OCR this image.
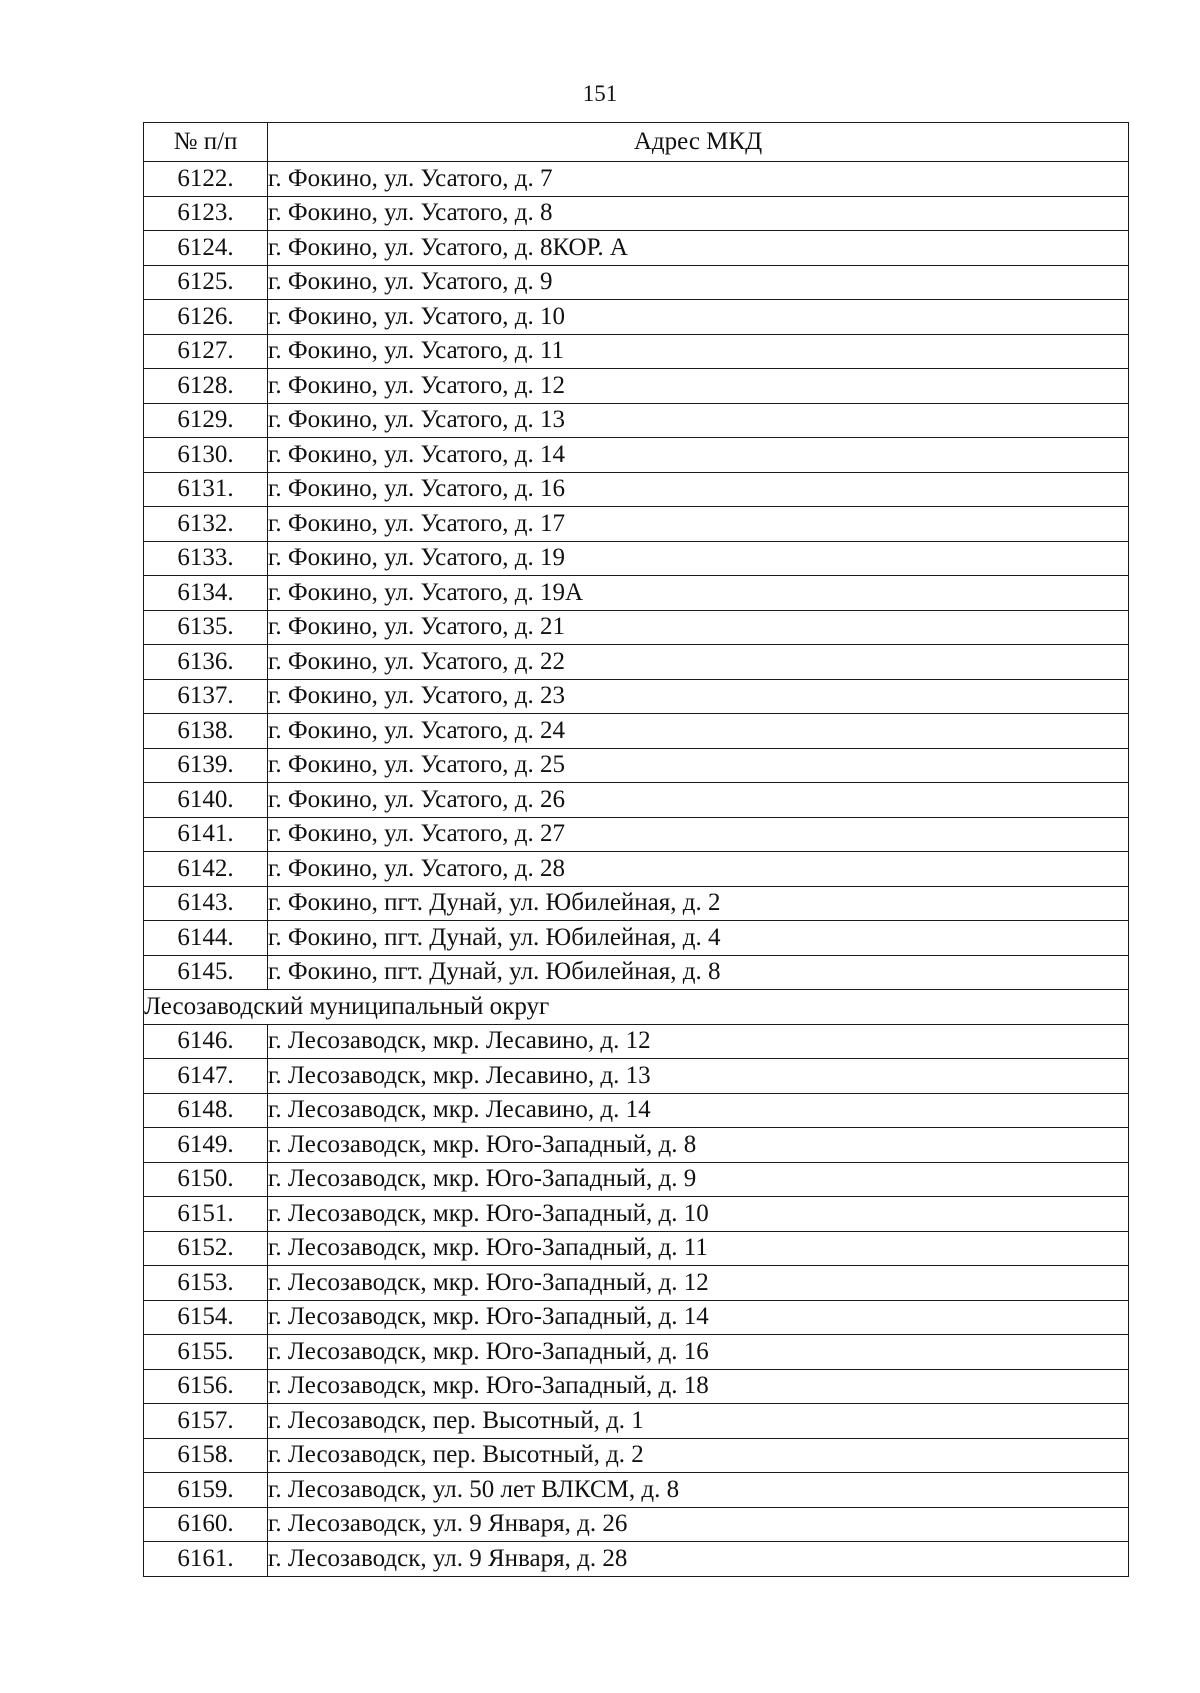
151
№ п/п	Адрес МКД
6122.	г. Фокино, ул. Усатого, д. 7
6123.	г. Фокино, ул. Усатого, д. 8
6124.	г. Фокино, ул. Усатого, д. 8КОР. А
6125.	г. Фокино, ул. Усатого, д. 9
6126.	г. Фокино, ул. Усатого, д. 10
6127.	г. Фокино, ул. Усатого, д. 11
6128.	г. Фокино, ул. Усатого, д. 12
6129.	г. Фокино, ул. Усатого, д. 13
6130.	г. Фокино, ул. Усатого, д. 14
6131.	г. Фокино, ул. Усатого, д. 16
6132.	г. Фокино, ул. Усатого, д. 17
6133.	г. Фокино, ул. Усатого, д. 19
6134.	г. Фокино, ул. Усатого, д. 19А
6135.	г. Фокино, ул. Усатого, д. 21
6136.	г. Фокино, ул. Усатого, д. 22
6137.	г. Фокино, ул. Усатого, д. 23
6138.	г. Фокино, ул. Усатого, д. 24
6139.	г. Фокино, ул. Усатого, д. 25
6140.	г. Фокино, ул. Усатого, д. 26
6141.	г. Фокино, ул. Усатого, д. 27
6142.	г. Фокино, ул. Усатого, д. 28
6143.	г. Фокино, пгт. Дунай, ул. Юбилейная, д. 2
6144.	г. Фокино, пгт. Дунай, ул. Юбилейная, д. 4
6145.	г. Фокино, пгт. Дунай, ул. Юбилейная, д. 8
Лесозаводский муниципальный округ	
6146.	г. Лесозаводск, мкр. Лесавино, д. 12
6147.	г. Лесозаводск, мкр. Лесавино, д. 13
6148.	г. Лесозаводск, мкр. Лесавино, д. 14
6149.	г. Лесозаводск, мкр. Юго-Западный, д. 8
6150.	г. Лесозаводск, мкр. Юго-Западный, д. 9
6151.	г. Лесозаводск, мкр. Юго-Западный, д. 10
6152.	г. Лесозаводск, мкр. Юго-Западный, д. 11
6153.	г. Лесозаводск, мкр. Юго-Западный, д. 12
6154.	г. Лесозаводск, мкр. Юго-Западный, д. 14
6155.	г. Лесозаводск, мкр. Юго-Западный, д. 16
6156.	г. Лесозаводск, мкр. Юго-Западный, д. 18
6157.	г. Лесозаводск, пер. Высотный, д. 1
6158.	г. Лесозаводск, пер. Высотный, д. 2
6159.	г. Лесозаводск, ул. 50 лет ВЛКСМ, д. 8
6160.	г. Лесозаводск, ул. 9 Января, д. 26
6161.	г. Лесозаводск, ул. 9 Января, д. 28
